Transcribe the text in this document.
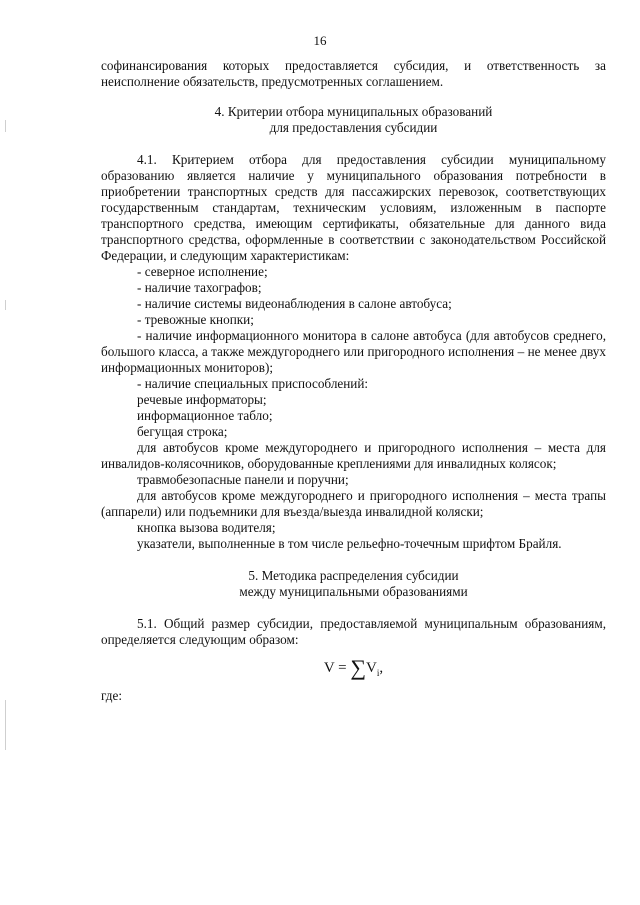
16

софинансирования которых предоставляется субсидия, и ответственность за неисполнение обязательств, предусмотренных соглашением.

4. Критерии отбора муниципальных образований

для предоставления субсидии

4.1. Критерием отбора для предоставления субсидии муниципальному образованию является наличие у муниципального образования потребности в приобретении транспортных средств для пассажирских перевозок, соответствующих государственным стандартам, техническим условиям, изложенным в паспорте транспортного средства, имеющим сертификаты, обязательные для данного вида транспортного средства, оформленные в соответствии с законодательством Российской Федерации, и следующим характеристикам:

- северное исполнение;

- наличие тахографов;

- наличие системы видеонаблюдения в салоне автобуса;

- тревожные кнопки;

- наличие информационного монитора в салоне автобуса (для автобусов среднего, большого класса, а также междугороднего или пригородного исполнения – не менее двух информационных мониторов);

- наличие специальных приспособлений:

речевые информаторы;

информационное табло;

бегущая строка;

для автобусов кроме междугороднего и пригородного исполнения – места для инвалидов-колясочников, оборудованные креплениями для инвалидных колясок;

травмобезопасные панели и поручни;

для автобусов кроме междугороднего и пригородного исполнения – места трапы (аппарели) или подъемники для въезда/выезда инвалидной коляски;

кнопка вызова водителя;

указатели, выполненные в том числе рельефно-точечным шрифтом Брайля.

5. Методика распределения субсидии

между муниципальными образованиями

5.1. Общий размер субсидии, предоставляемой муниципальным образованиям, определяется следующим образом:

$V = \sum V_i$,

где:
